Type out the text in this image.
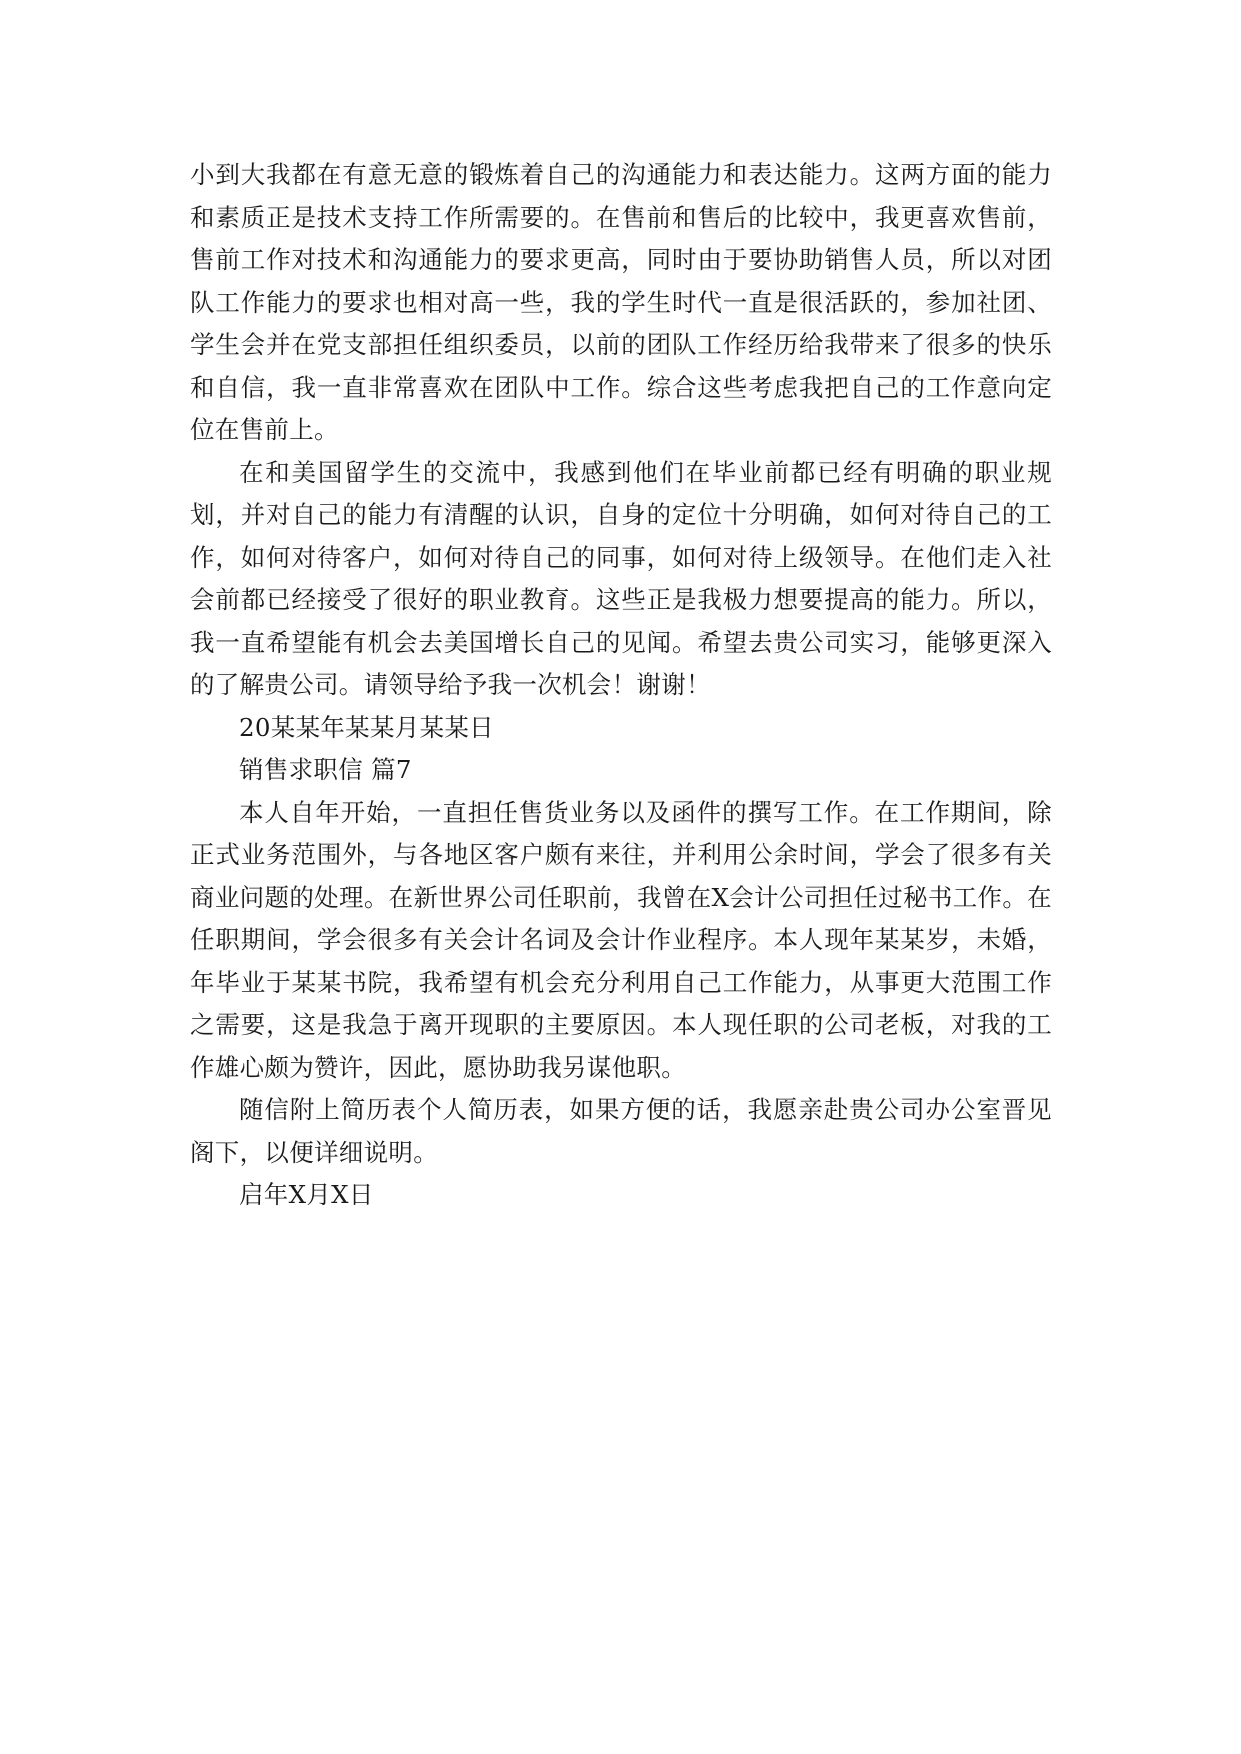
小到大我都在有意无意的锻炼着自己的沟通能力和表达能力。这两方面的能力和素质正是技术支持工作所需要的。在售前和售后的比较中，我更喜欢售前，售前工作对技术和沟通能力的要求更高，同时由于要协助销售人员，所以对团队工作能力的要求也相对高一些，我的学生时代一直是很活跃的，参加社团、学生会并在党支部担任组织委员，以前的团队工作经历给我带来了很多的快乐和自信，我一直非常喜欢在团队中工作。综合这些考虑我把自己的工作意向定位在售前上。

在和美国留学生的交流中，我感到他们在毕业前都已经有明确的职业规划，并对自己的能力有清醒的认识，自身的定位十分明确，如何对待自己的工作，如何对待客户，如何对待自己的同事，如何对待上级领导。在他们走入社会前都已经接受了很好的职业教育。这些正是我极力想要提高的能力。所以，我一直希望能有机会去美国增长自己的见闻。希望去贵公司实习，能够更深入的了解贵公司。请领导给予我一次机会！谢谢！

20某某年某某月某某日

销售求职信 篇7

本人自年开始，一直担任售货业务以及函件的撰写工作。在工作期间，除正式业务范围外，与各地区客户颇有来往，并利用公余时间，学会了很多有关商业问题的处理。在新世界公司任职前，我曾在X会计公司担任过秘书工作。在任职期间，学会很多有关会计名词及会计作业程序。本人现年某某岁，未婚，年毕业于某某书院，我希望有机会充分利用自己工作能力，从事更大范围工作之需要，这是我急于离开现职的主要原因。本人现任职的公司老板，对我的工作雄心颇为赞许，因此，愿协助我另谋他职。

随信附上简历表个人简历表，如果方便的话，我愿亲赴贵公司办公室晋见阁下，以便详细说明。

启年X月X日
